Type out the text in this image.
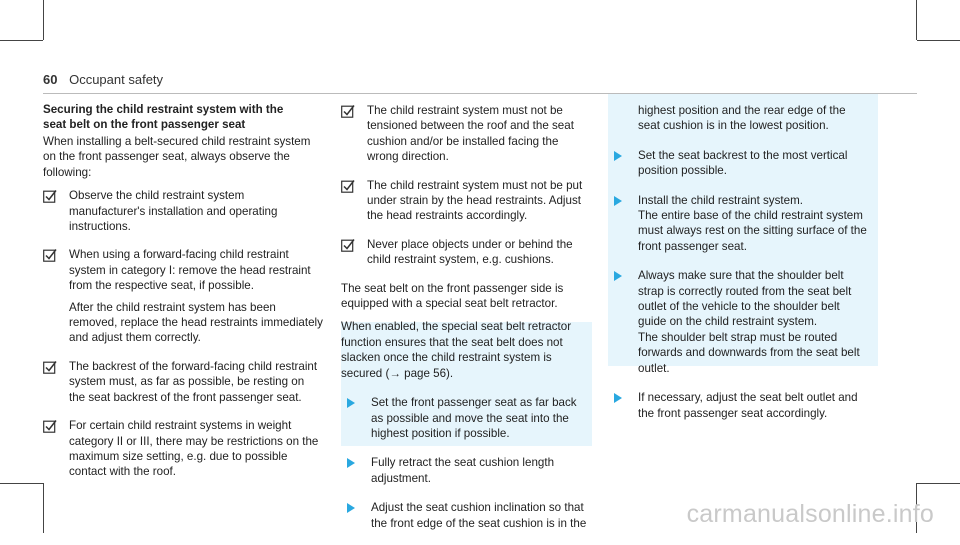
60 Occupant safety
Securing the child restraint system with the
seat belt on the front passenger seat

When installing a belt-secured child restraint system on the front passenger seat, always observe the following:

Observe the child restraint system manufacturer's installation and operating instructions.

When using a forward-facing child restraint system in category I: remove the head restraint from the respective seat, if possible.

After the child restraint system has been removed, replace the head restraints immediately and adjust them correctly.

The backrest of the forward-facing child restraint system must, as far as possible, be resting on the seat backrest of the front passenger seat.

For certain child restraint systems in weight category II or III, there may be restrictions on the maximum size setting, e.g. due to possible contact with the roof.

The child restraint system must not be tensioned between the roof and the seat cushion and/or be installed facing the wrong direction.

The child restraint system must not be put under strain by the head restraints. Adjust the head restraints accordingly.

Never place objects under or behind the child restraint system, e.g. cushions.

The seat belt on the front passenger side is equipped with a special seat belt retractor.

When enabled, the special seat belt retractor function ensures that the seat belt does not slacken once the child restraint system is secured (→ page 56).

Set the front passenger seat as far back as possible and move the seat into the highest position if possible.
Fully retract the seat cushion length adjustment.
Adjust the seat cushion inclination so that the front edge of the seat cushion is in the

highest position and the rear edge of the seat cushion is in the lowest position.

Set the seat backrest to the most vertical position possible.
Install the child restraint system.
The entire base of the child restraint system must always rest on the sitting surface of the front passenger seat.
Always make sure that the shoulder belt strap is correctly routed from the seat belt outlet of the vehicle to the shoulder belt guide on the child restraint system.
The shoulder belt strap must be routed forwards and downwards from the seat belt outlet.
If necessary, adjust the seat belt outlet and the front passenger seat accordingly.
carmanualsonline.info
